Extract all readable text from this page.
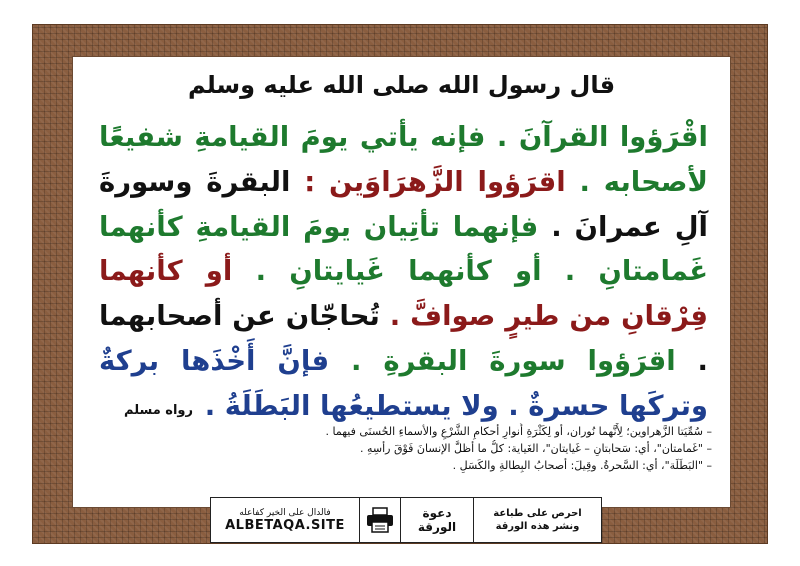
قال رسول الله صلى الله عليه وسلم
اقْرَؤوا القرآنَ . فإنه يأتي يومَ القيامةِ شفيعًا لأصحابه . اقرَؤوا الزَّهرَاوَين : البقرةَ وسورةَ آلِ عمرانَ . فإنهما تأتِيان يومَ القيامةِ كأنهما غَمامتانِ . أو كأنهما غَيايتانِ . أو كأنهما فِرْقانِ من طيرٍ صوافَّ . تُحاجّان عن أصحابهما . اقرَؤوا سورةَ البقرةِ . فإنَّ أَخْذَها بركةٌ وتركَها حسرةٌ . ولا يستطيعُها البَطَلَةُ .
رواه مسلم
– سُمِّيَتا الزَّهراوين؛ لِأَنَّهما نُوران، أو لِكَثْرَةِ أَنوارِ أحكامِ الشَّرْعِ والأسماءِ الحُسنَى فيهما .
– "غَمامتان"، أي: سَحابتانِ – غَيايتان"، الغَياية: كلُّ ما أظلَّ الإنسانَ فَوْقَ رأسِهِ .
– "البَطَلَة"، أي: السَّحرةُ. وقِيلَ: أصحابُ البِطالةِ والكَسَلِ .
فالدال على الخير كفاعله
ALBETAQA.SITE
دعوة
الورقة
احرص على طباعة
ونشر هذه الورقة
